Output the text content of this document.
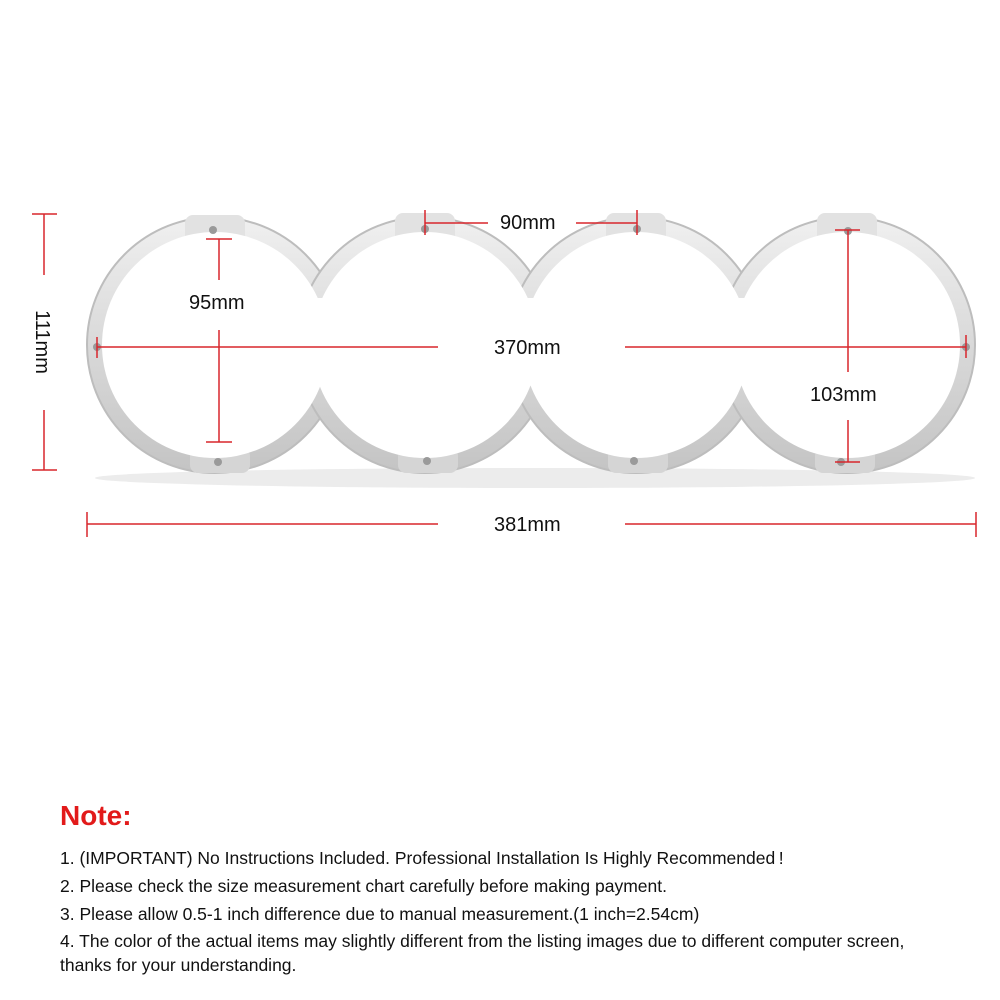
111mm
95mm
90mm
370mm
103mm
381mm
Note:
1. (IMPORTANT) No Instructions Included. Professional Installation Is Highly Recommended !
2. Please check the size measurement chart carefully before making payment.
3. Please allow 0.5-1 inch difference due to manual measurement.(1 inch=2.54cm)
4. The color of the actual items may slightly different from the listing images due to different computer screen, thanks for your understanding.
